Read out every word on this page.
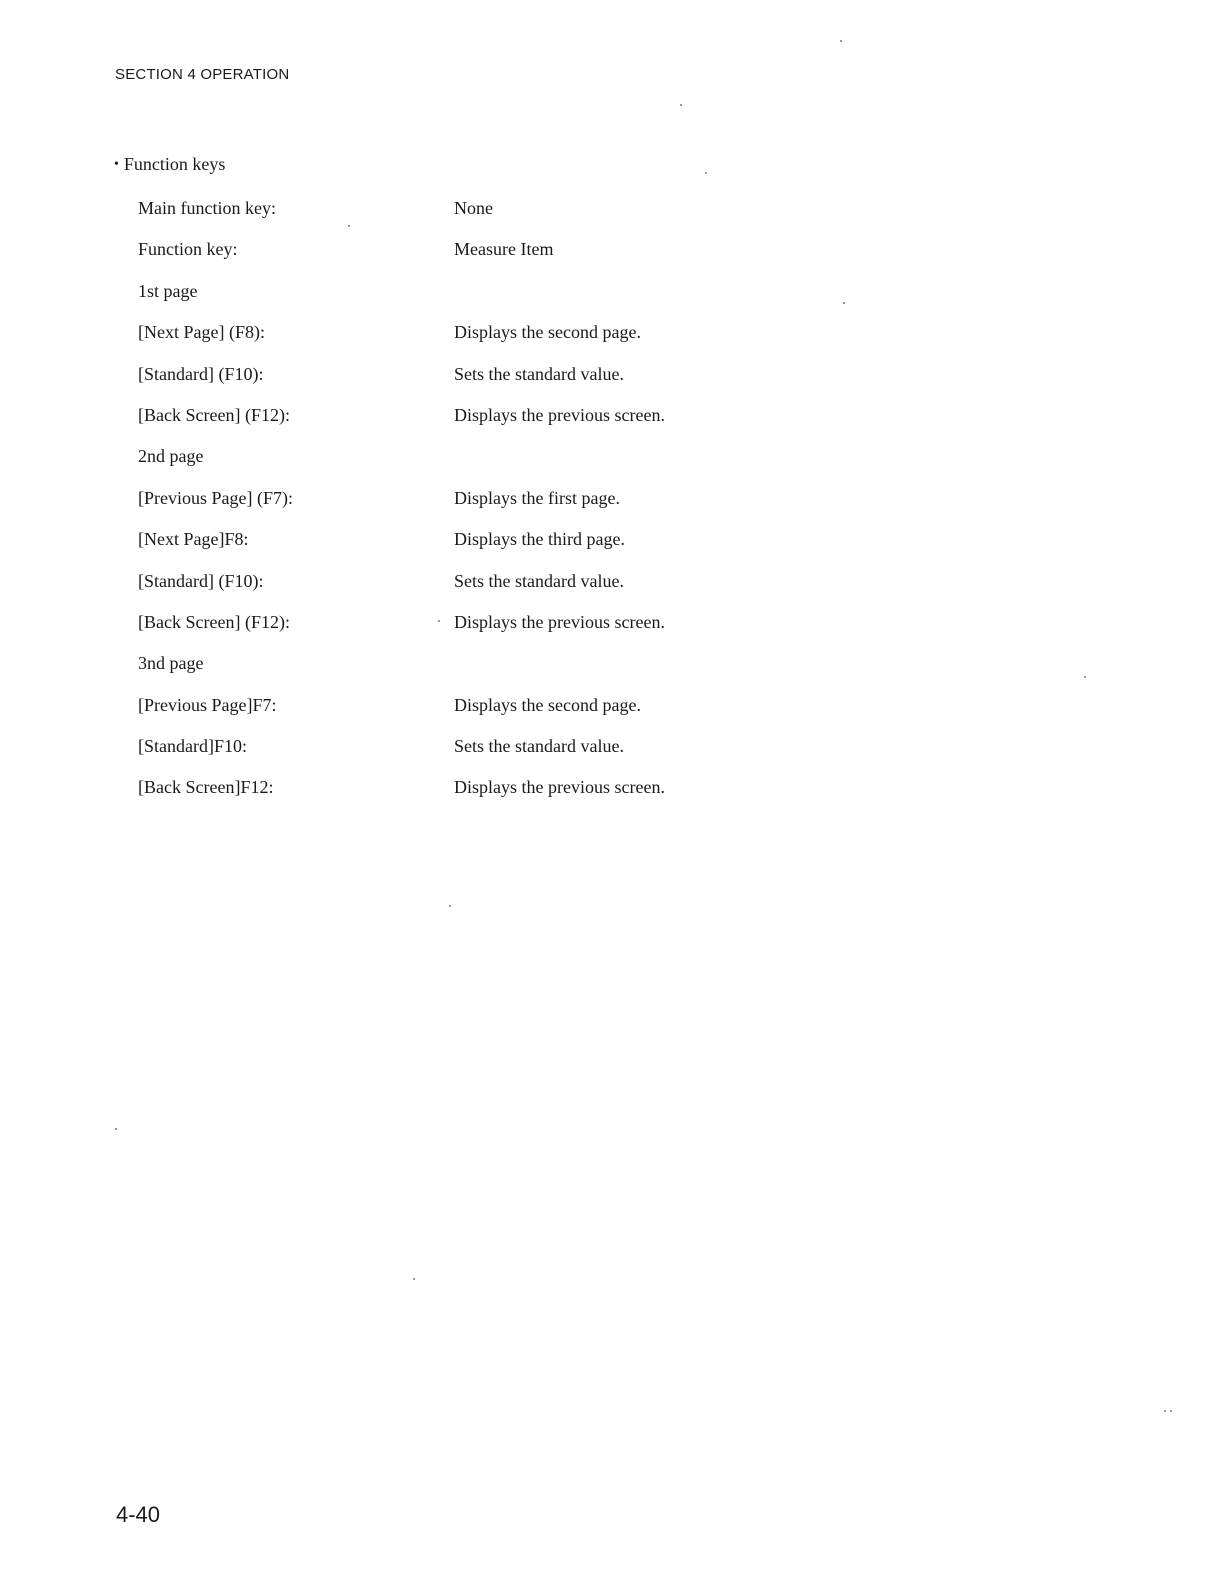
SECTION 4 OPERATION
• Function keys
Main function key:	None
Function key:	Measure Item
1st page
[Next Page] (F8):	Displays the second page.
[Standard] (F10):	Sets the standard value.
[Back Screen] (F12):	Displays the previous screen.
2nd page
[Previous Page] (F7):	Displays the first page.
[Next Page]F8:	Displays the third page.
[Standard] (F10):	Sets the standard value.
[Back Screen] (F12):	Displays the previous screen.
3nd page
[Previous Page]F7:	Displays the second page.
[Standard]F10:	Sets the standard value.
[Back Screen]F12:	Displays the previous screen.
4-40
